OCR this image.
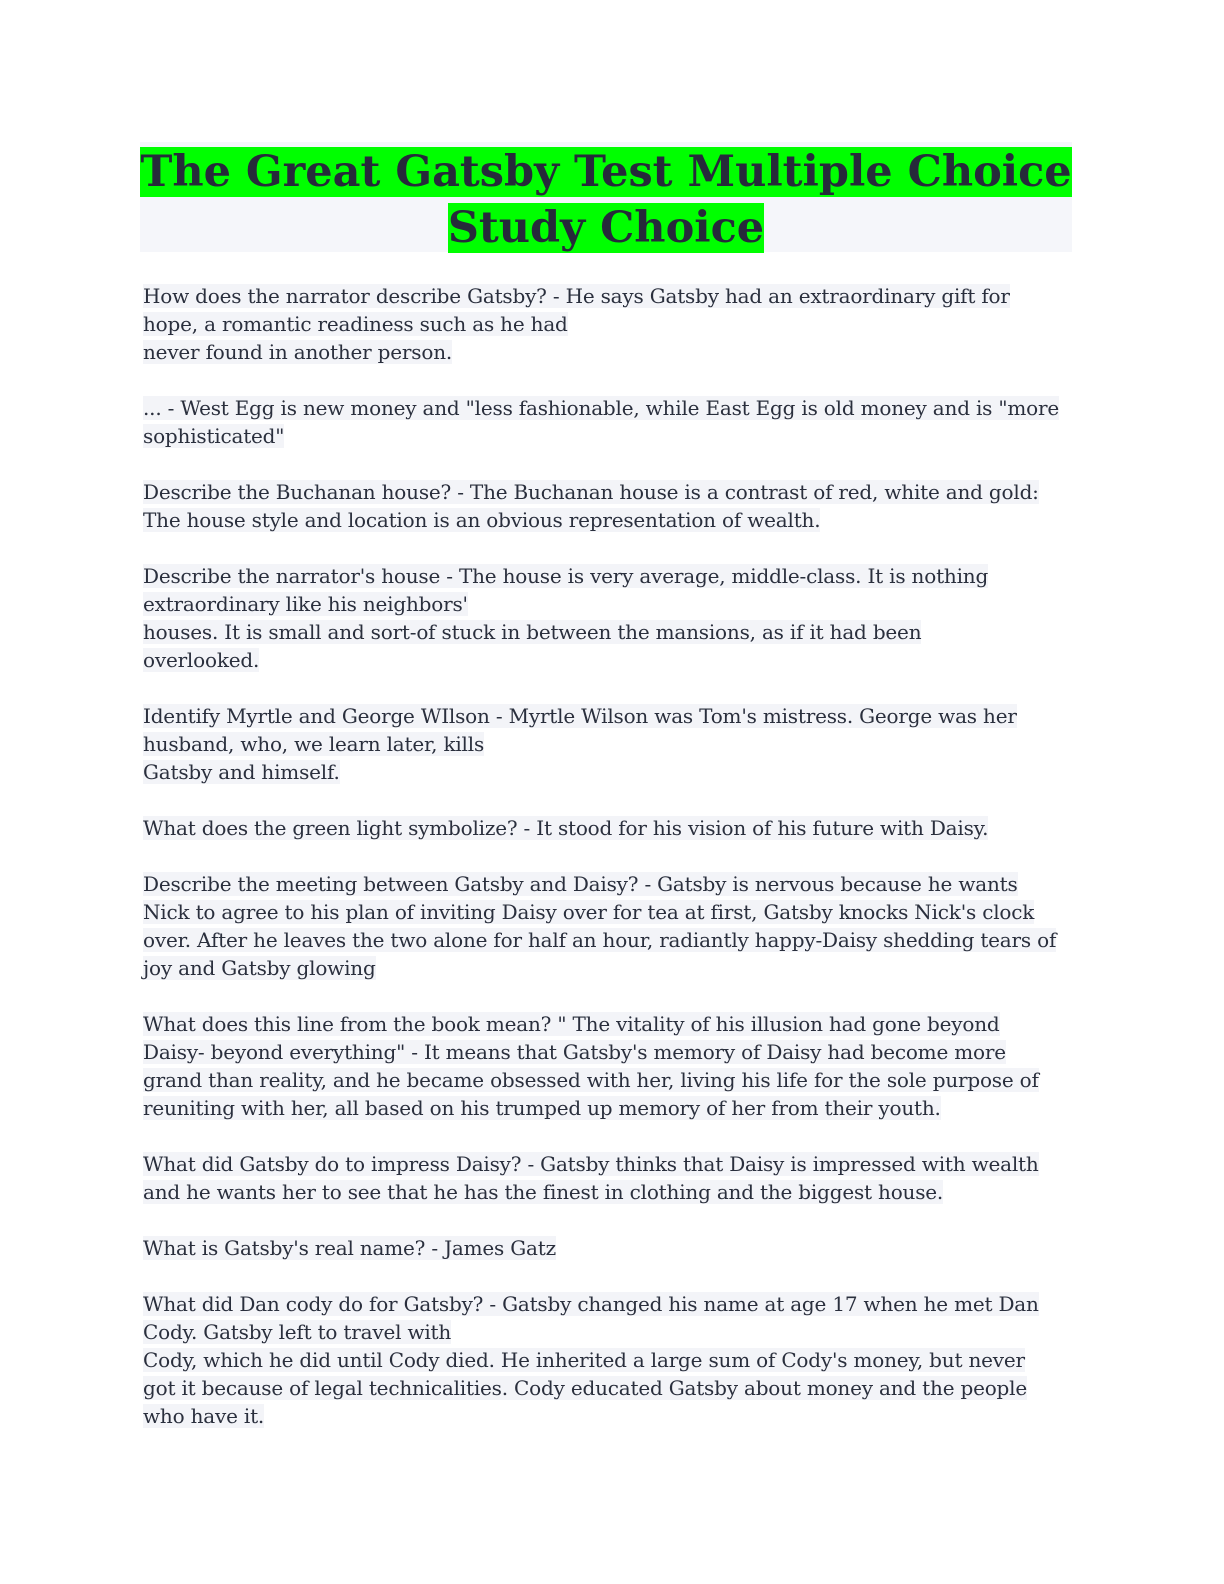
The Great Gatsby Test Multiple Choice
Study Choice
How does the narrator describe Gatsby? - He says Gatsby had an extraordinary gift for
hope, a romantic readiness such as he had
never found in another person.
... - West Egg is new money and "less fashionable, while East Egg is old money and is "more
sophisticated"
Describe the Buchanan house? - The Buchanan house is a contrast of red, white and gold:
The house style and location is an obvious representation of wealth.
Describe the narrator's house - The house is very average, middle-class. It is nothing
extraordinary like his neighbors'
houses. It is small and sort-of stuck in between the mansions, as if it had been
overlooked.
Identify Myrtle and George WIlson - Myrtle Wilson was Tom's mistress. George was her
husband, who, we learn later, kills
Gatsby and himself.
What does the green light symbolize? - It stood for his vision of his future with Daisy.
Describe the meeting between Gatsby and Daisy? - Gatsby is nervous because he wants
Nick to agree to his plan of inviting Daisy over for tea at first, Gatsby knocks Nick's clock
over. After he leaves the two alone for half an hour, radiantly happy-Daisy shedding tears of
joy and Gatsby glowing
What does this line from the book mean? " The vitality of his illusion had gone beyond
Daisy- beyond everything" - It means that Gatsby's memory of Daisy had become more
grand than reality, and he became obsessed with her, living his life for the sole purpose of
reuniting with her, all based on his trumped up memory of her from their youth.
What did Gatsby do to impress Daisy? - Gatsby thinks that Daisy is impressed with wealth
and he wants her to see that he has the finest in clothing and the biggest house.
What is Gatsby's real name? - James Gatz
What did Dan cody do for Gatsby? - Gatsby changed his name at age 17 when he met Dan
Cody. Gatsby left to travel with
Cody, which he did until Cody died. He inherited a large sum of Cody's money, but never
got it because of legal technicalities. Cody educated Gatsby about money and the people
who have it.
